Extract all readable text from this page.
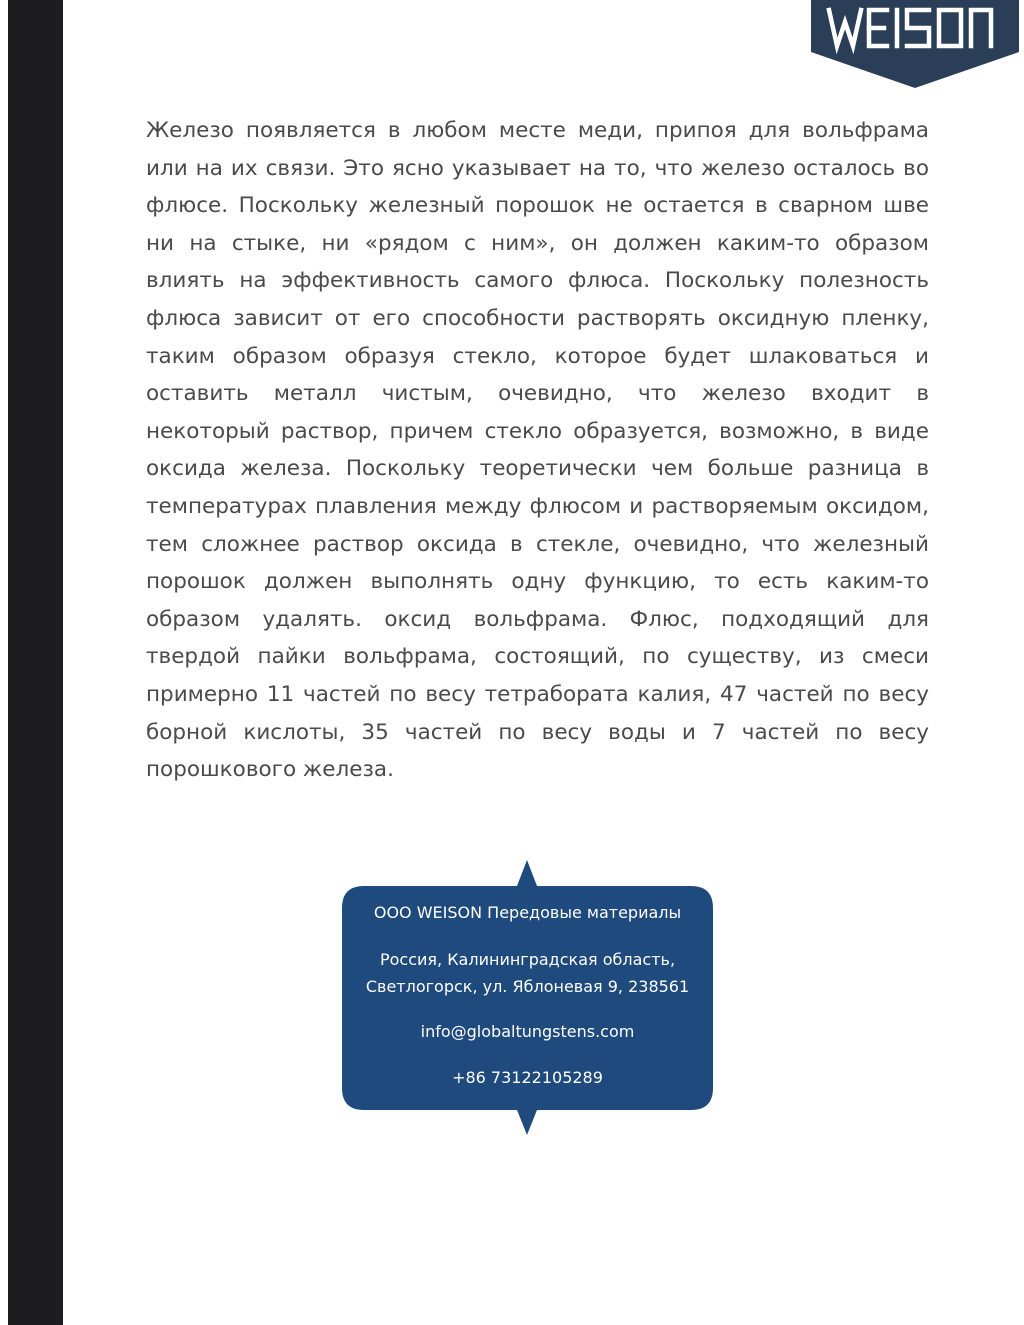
Железо появляется в любом месте меди, припоя для вольфрама или на их связи. Это ясно указывает на то, что железо осталось во флюсе. Поскольку железный порошок не остается в сварном шве ни на стыке, ни «рядом с ним», он должен каким-то образом влиять на эффективность самого флюса. Поскольку полезность флюса зависит от его способности растворять оксидную пленку, таким образом образуя стекло, которое будет шлаковаться и оставить металл чистым, очевидно, что железо входит в некоторый раствор, причем стекло образуется, возможно, в виде оксида железа. Поскольку теоретически чем больше разница в температурах плавления между флюсом и растворяемым оксидом, тем сложнее раствор оксида в стекле, очевидно, что железный порошок должен выполнять одну функцию, то есть каким-то образом удалять. оксид вольфрама. Флюс, подходящий для твердой пайки вольфрама, состоящий, по существу, из смеси примерно 11 частей по весу тетрабората калия, 47 частей по весу борной кислоты, 35 частей по весу воды и 7 частей по весу порошкового железа.

ООО WEISON Передовые материалы
Россия, Калининградская область,
Светлогорск, ул. Яблоневая 9, 238561
info@globaltungstens.com
+86 73122105289
